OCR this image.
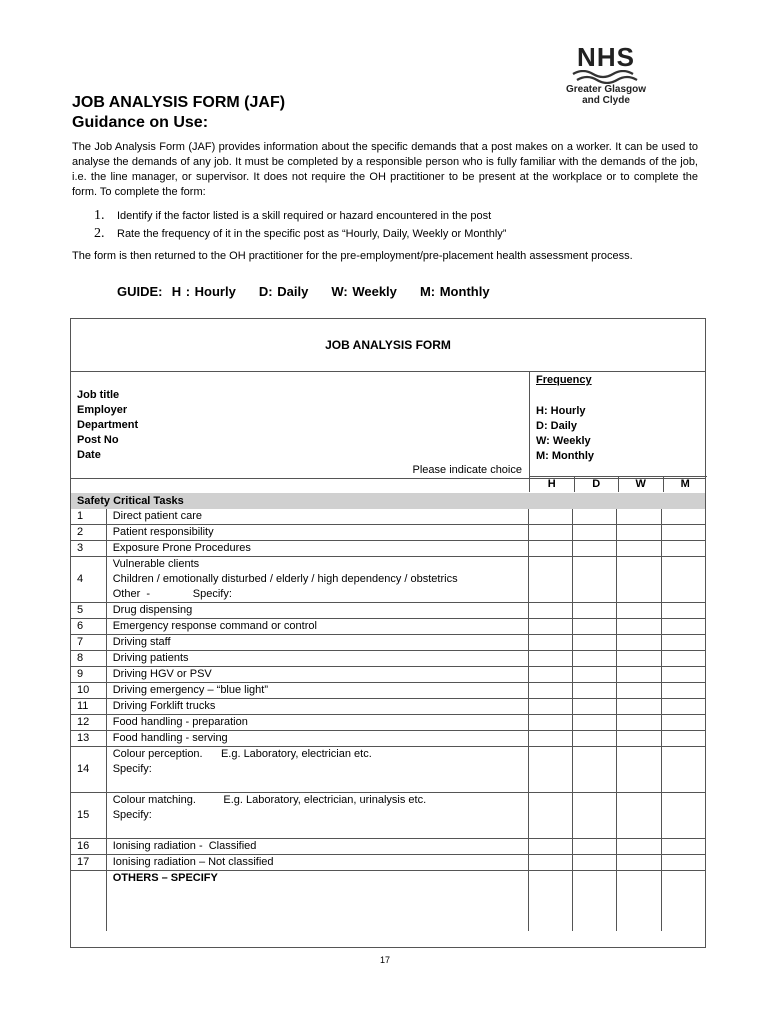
NHS
Greater Glasgow
and Clyde
JOB ANALYSIS FORM (JAF)
Guidance on Use:
The Job Analysis Form (JAF) provides information about the specific demands that a post makes on a worker. It can be used to analyse the demands of any job. It must be completed by a responsible person who is fully familiar with the demands of the job, i.e. the line manager, or supervisor. It does not require the OH practitioner to be present at the workplace or to complete the form. To complete the form:
1. Identify if the factor listed is a skill required or hazard encountered in the post
2. Rate the frequency of it in the specific post as “Hourly, Daily, Weekly or Monthly”
The form is then returned to the OH practitioner for the pre-employment/pre-placement health assessment process.
GUIDE:  H : Hourly     D: Daily     W: Weekly     M: Monthly
JOB ANALYSIS FORM
Job title
Employer
Department
Post No
Date
Please indicate choice
Frequency
H: Hourly
D: Daily
W: Weekly
M: Monthly
H	D	W	M
Safety Critical Tasks
1	Direct patient care				

2	Patient responsibility				

3	Exposure Prone Procedures				

4	Vulnerable clients
Children / emotionally disturbed / elderly / high dependency / obstetrics
Other  -              Specify:				

5	Drug dispensing				

6	Emergency response command or control				

7	Driving staff				

8	Driving patients				

9	Driving HGV or PSV				

10	Driving emergency – “blue light”				

11	Driving Forklift trucks				

12	Food handling - preparation				

13	Food handling - serving				

14	Colour perception.      E.g. Laboratory, electrician etc.
Specify:				

15	Colour matching.         E.g. Laboratory, electrician, urinalysis etc.
Specify:				

16	Ionising radiation -  Classified				

17	Ionising radiation – Not classified				

	OTHERS – SPECIFY				

17
